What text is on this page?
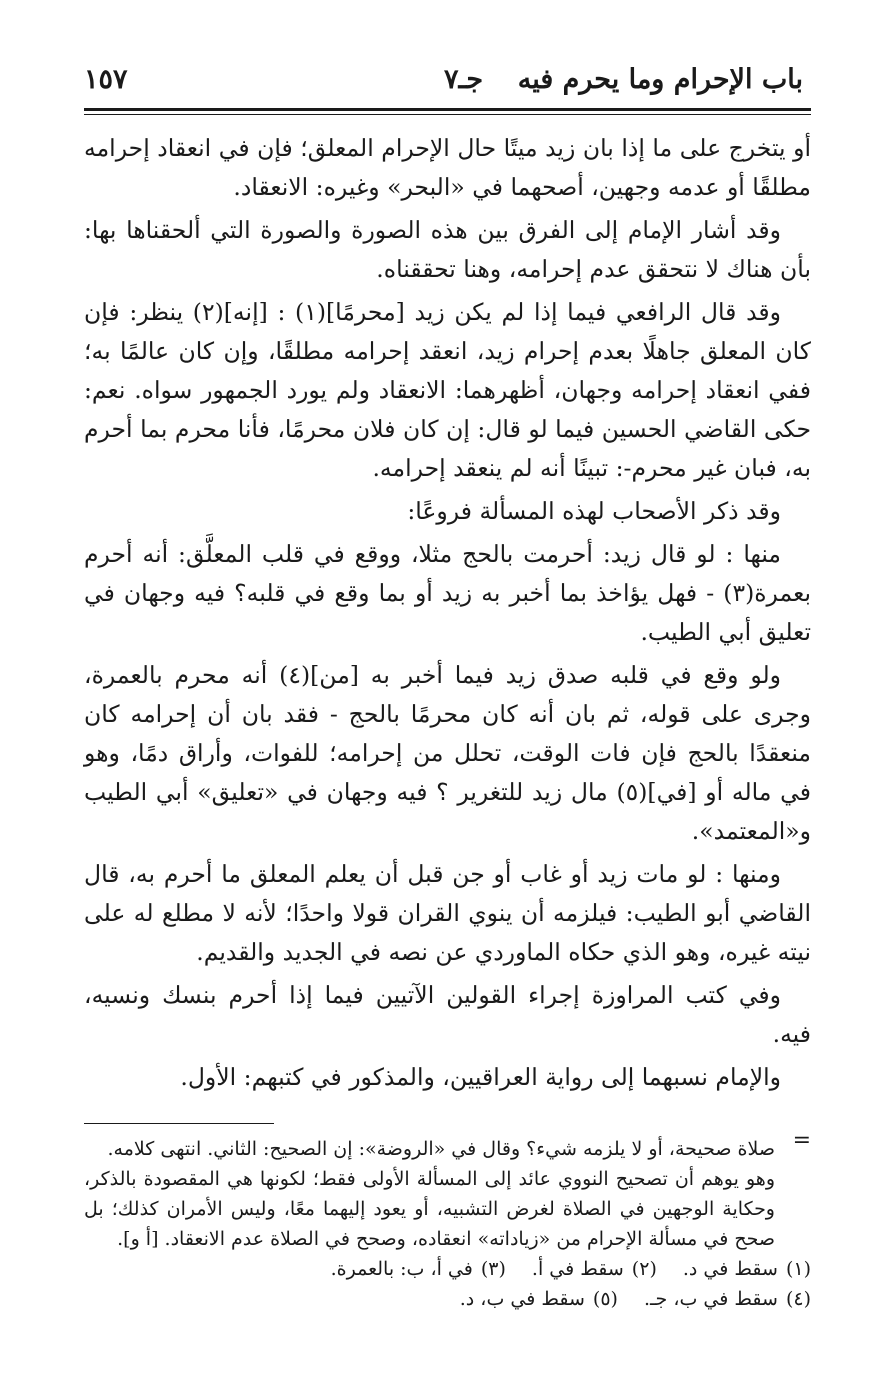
باب الإحرام وما يحرم فيه
جـ٧
١٥٧

أو يتخرج على ما إذا بان زيد ميتًا حال الإحرام المعلق؛ فإن في انعقاد إحرامه مطلقًا أو عدمه وجهين، أصحهما في «البحر» وغيره: الانعقاد.

وقد أشار الإمام إلى الفرق بين هذه الصورة والصورة التي ألحقناها بها: بأن هناك لا نتحقق عدم إحرامه، وهنا تحققناه.

وقد قال الرافعي فيما إذا لم يكن زيد [محرمًا](١) : [إنه](٢) ينظر: فإن كان المعلق جاهلًا بعدم إحرام زيد، انعقد إحرامه مطلقًا، وإن كان عالمًا به؛ ففي انعقاد إحرامه وجهان، أظهرهما: الانعقاد ولم يورد الجمهور سواه. نعم: حكى القاضي الحسين فيما لو قال: إن كان فلان محرمًا، فأنا محرم بما أحرم به، فبان غير محرم-: تبينًا أنه لم ينعقد إحرامه.

وقد ذكر الأصحاب لهذه المسألة فروعًا:

منها : لو قال زيد: أحرمت بالحج مثلا، ووقع في قلب المعلَّق: أنه أحرم بعمرة(٣) - فهل يؤاخذ بما أخبر به زيد أو بما وقع في قلبه؟ فيه وجهان في تعليق أبي الطيب.

ولو وقع في قلبه صدق زيد فيما أخبر به [من](٤) أنه محرم بالعمرة، وجرى على قوله، ثم بان أنه كان محرمًا بالحج - فقد بان أن إحرامه كان منعقدًا بالحج فإن فات الوقت، تحلل من إحرامه؛ للفوات، وأراق دمًا، وهو في ماله أو [في](٥) مال زيد للتغرير ؟ فيه وجهان في «تعليق» أبي الطيب و«المعتمد».

ومنها : لو مات زيد أو غاب أو جن قبل أن يعلم المعلق ما أحرم به، قال القاضي أبو الطيب: فيلزمه أن ينوي القران قولا واحدًا؛ لأنه لا مطلع له على نيته غيره، وهو الذي حكاه الماوردي عن نصه في الجديد والقديم.

وفي كتب المراوزة إجراء القولين الآتيين فيما إذا أحرم بنسك ونسيه، فيه.

والإمام نسبهما إلى رواية العراقيين، والمذكور في كتبهم: الأول.

=

صلاة صحيحة، أو لا يلزمه شيء؟ وقال في «الروضة»: إن الصحيح: الثاني. انتهى كلامه.

وهو يوهم أن تصحيح النووي عائد إلى المسألة الأولى فقط؛ لكونها هي المقصودة بالذكر، وحكاية الوجهين في الصلاة لغرض التشبيه، أو يعود إليهما معًا، وليس الأمران كذلك؛ بل صحح في مسألة الإحرام من «زياداته» انعقاده، وصحح في الصلاة عدم الانعقاد. [أ و].

(١)سقط في د.
(٢)سقط في أ.
(٣)في أ، ب: بالعمرة.
(٤)سقط في ب، جـ.
(٥)سقط في ب، د.
